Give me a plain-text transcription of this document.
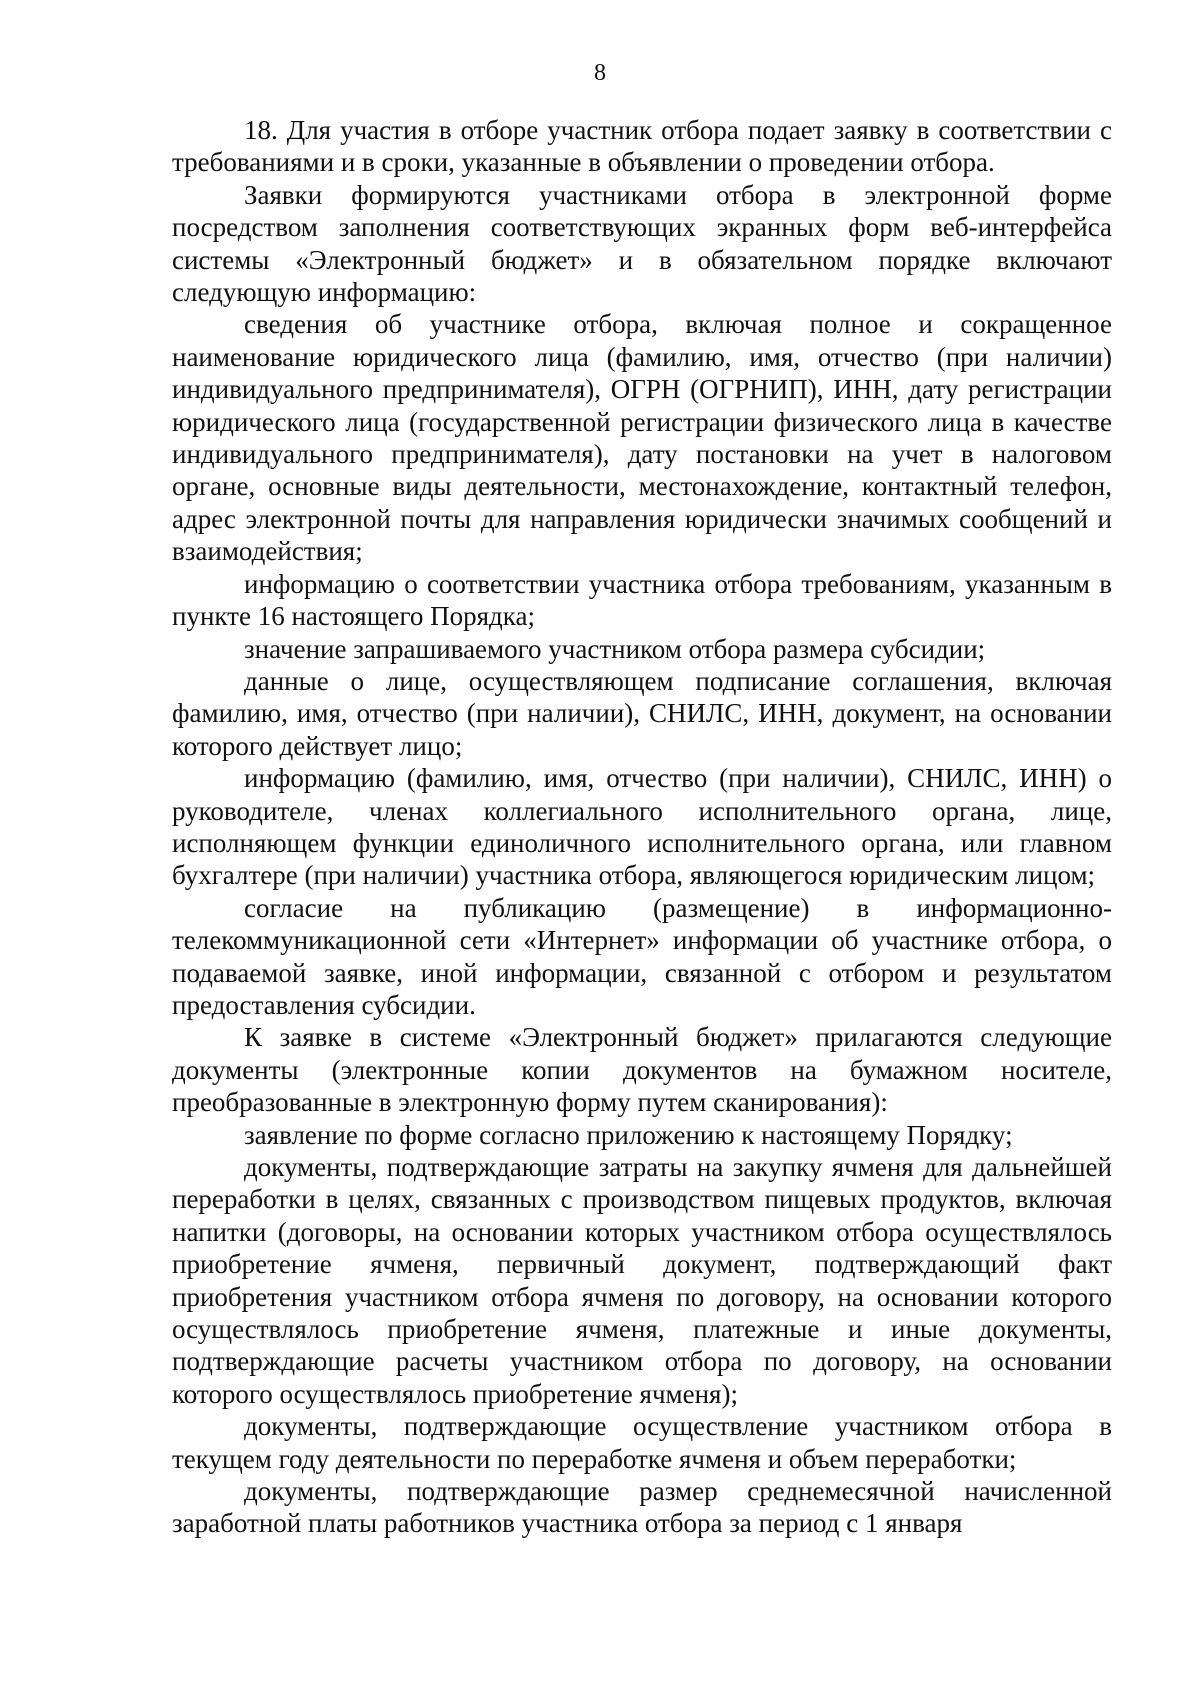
8

18. Для участия в отборе участник отбора подает заявку в соответствии с требованиями и в сроки, указанные в объявлении о проведении отбора.

Заявки формируются участниками отбора в электронной форме посредством заполнения соответствующих экранных форм веб-интерфейса системы «Электронный бюджет» и в обязательном порядке включают следующую информацию:

сведения об участнике отбора, включая полное и сокращенное наименование юридического лица (фамилию, имя, отчество (при наличии) индивидуального предпринимателя), ОГРН (ОГРНИП), ИНН, дату регистрации юридического лица (государственной регистрации физического лица в качестве индивидуального предпринимателя), дату постановки на учет в налоговом органе, основные виды деятельности, местонахождение, контактный телефон, адрес электронной почты для направления юридически значимых сообщений и взаимодействия;

информацию о соответствии участника отбора требованиям, указанным в пункте 16 настоящего Порядка;

значение запрашиваемого участником отбора размера субсидии;

данные о лице, осуществляющем подписание соглашения, включая фамилию, имя, отчество (при наличии), СНИЛС, ИНН, документ, на основании которого действует лицо;

информацию (фамилию, имя, отчество (при наличии), СНИЛС, ИНН) о руководителе, членах коллегиального исполнительного органа, лице, исполняющем функции единоличного исполнительного органа, или главном бухгалтере (при наличии) участника отбора, являющегося юридическим лицом;

согласие на публикацию (размещение) в информационно-телекоммуникационной сети «Интернет» информации об участнике отбора, о подаваемой заявке, иной информации, связанной с отбором и результатом предоставления субсидии.

К заявке в системе «Электронный бюджет» прилагаются следующие документы (электронные копии документов на бумажном носителе, преобразованные в электронную форму путем сканирования):

заявление по форме согласно приложению к настоящему Порядку;

документы, подтверждающие затраты на закупку ячменя для дальнейшей переработки в целях, связанных с производством пищевых продуктов, включая напитки (договоры, на основании которых участником отбора осуществлялось приобретение ячменя, первичный документ, подтверждающий факт приобретения участником отбора ячменя по договору, на основании которого осуществлялось приобретение ячменя, платежные и иные документы, подтверждающие расчеты участником отбора по договору, на основании которого осуществлялось приобретение ячменя);

документы, подтверждающие осуществление участником отбора в текущем году деятельности по переработке ячменя и объем переработки;

документы, подтверждающие размер среднемесячной начисленной заработной платы работников участника отбора за период с 1 января
